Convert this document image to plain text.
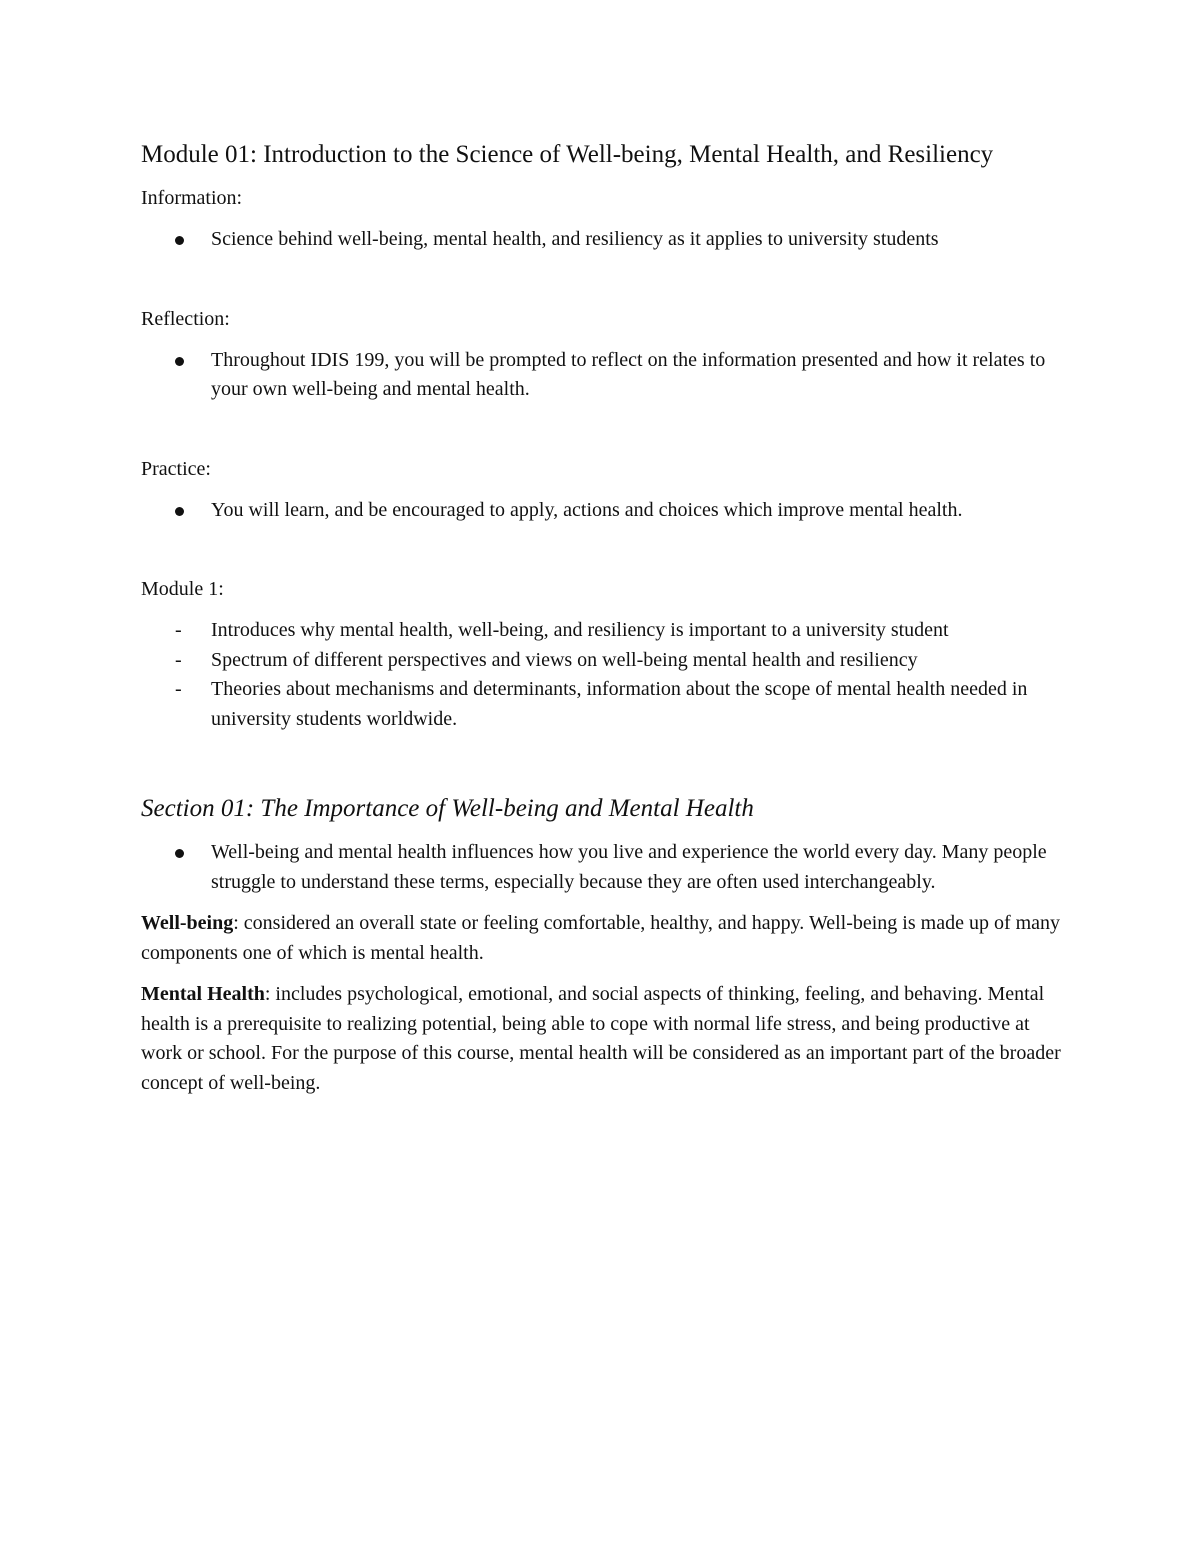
Module 01: Introduction to the Science of Well-being, Mental Health, and Resiliency
Information:
Science behind well-being, mental health, and resiliency as it applies to university students
Reflection:
Throughout IDIS 199, you will be prompted to reflect on the information presented and how it relates to your own well-being and mental health.
Practice:
You will learn, and be encouraged to apply, actions and choices which improve mental health.
Module 1:
- Introduces why mental health, well-being, and resiliency is important to a university student
- Spectrum of different perspectives and views on well-being mental health and resiliency
- Theories about mechanisms and determinants, information about the scope of mental health needed in university students worldwide.
Section 01: The Importance of Well-being and Mental Health
Well-being and mental health influences how you live and experience the world every day. Many people struggle to understand these terms, especially because they are often used interchangeably.

Well-being: considered an overall state or feeling comfortable, healthy, and happy. Well-being is made up of many components one of which is mental health.

Mental Health: includes psychological, emotional, and social aspects of thinking, feeling, and behaving. Mental health is a prerequisite to realizing potential, being able to cope with normal life stress, and being productive at work or school. For the purpose of this course, mental health will be considered as an important part of the broader concept of well-being.
